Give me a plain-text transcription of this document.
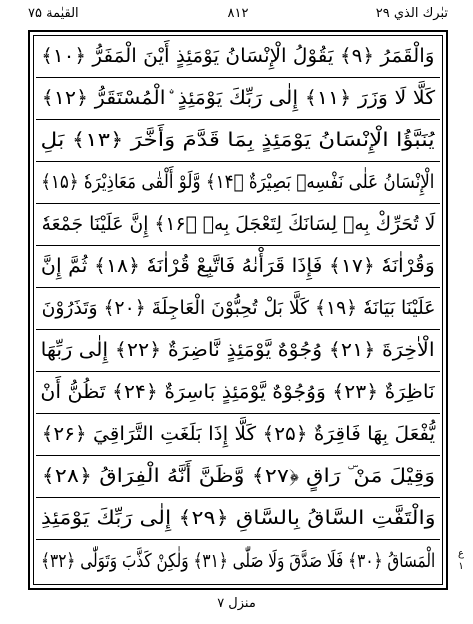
القيٰمة ۷۵	۸۱۲	تبٰرك الذي ۲۹
وَالْقَمَرُ ﴿۹﴾ يَقُوْلُ الْإِنْسَانُ يَوْمَئِذٍ أَيْنَ الْمَفَرُّ ﴿۱۰﴾
كَلَّا لَا وَزَرَ ﴿۱۱﴾ إِلٰى رَبِّكَ يَوْمَئِذٍ ۨالْمُسْتَقَرُّ ﴿۱۲﴾
يُنَبَّؤُا الْإِنْسَانُ يَوْمَئِذٍ بِمَا قَدَّمَ وَأَخَّرَ ﴿۱۳﴾ بَلِ
الْإِنْسَانُ عَلٰى نَفْسِهٖ بَصِيْرَةٌ ﴿۱۴﴾ وَّلَوْ أَلْقٰى مَعَاذِيْرَهٗ ﴿۱۵﴾
لَا تُحَرِّكْ بِهٖ لِسَانَكَ لِتَعْجَلَ بِهٖ ﴿۱۶﴾ إِنَّ عَلَيْنَا جَمْعَهٗ
وَقُرْاٰنَهٗ ﴿۱۷﴾ فَإِذَا قَرَأْنٰهُ فَاتَّبِعْ قُرْاٰنَهٗ ﴿۱۸﴾ ثُمَّ إِنَّ
عَلَيْنَا بَيَانَهٗ ﴿۱۹﴾ كَلَّا بَلْ تُحِبُّوْنَ الْعَاجِلَةَ ﴿۲۰﴾ وَتَذَرُوْنَ
الْاٰخِرَةَ ﴿۲۱﴾ وُجُوْهٌ يَّوْمَئِذٍ نَّاضِرَةٌ ﴿۲۲﴾ إِلٰى رَبِّهَا
نَاظِرَةٌ ﴿۲۳﴾ وَوُجُوْهٌ يَّوْمَئِذٍ بَاسِرَةٌ ﴿۲۴﴾ تَظُنُّ أَنْ
يُّفْعَلَ بِهَا فَاقِرَةٌ ﴿۲۵﴾ كَلَّا إِذَا بَلَغَتِ التَّرَاقِيَ ﴿۲۶﴾
وَقِيْلَ مَنْ ۜ رَاقٍ ﴿۲۷﴾ وَّظَنَّ أَنَّهُ الْفِرَاقُ ﴿۲۸﴾
وَالْتَفَّتِ السَّاقُ بِالسَّاقِ ﴿۲۹﴾ إِلٰى رَبِّكَ يَوْمَئِذِ
الْمَسَاقُ ﴿۳۰﴾ فَلَا صَدَّقَ وَلَا صَلّٰى ﴿۳۱﴾ وَلٰكِنْ كَذَّبَ وَتَوَلّٰى ﴿۳۲﴾	ع
۱
منزل ۷
